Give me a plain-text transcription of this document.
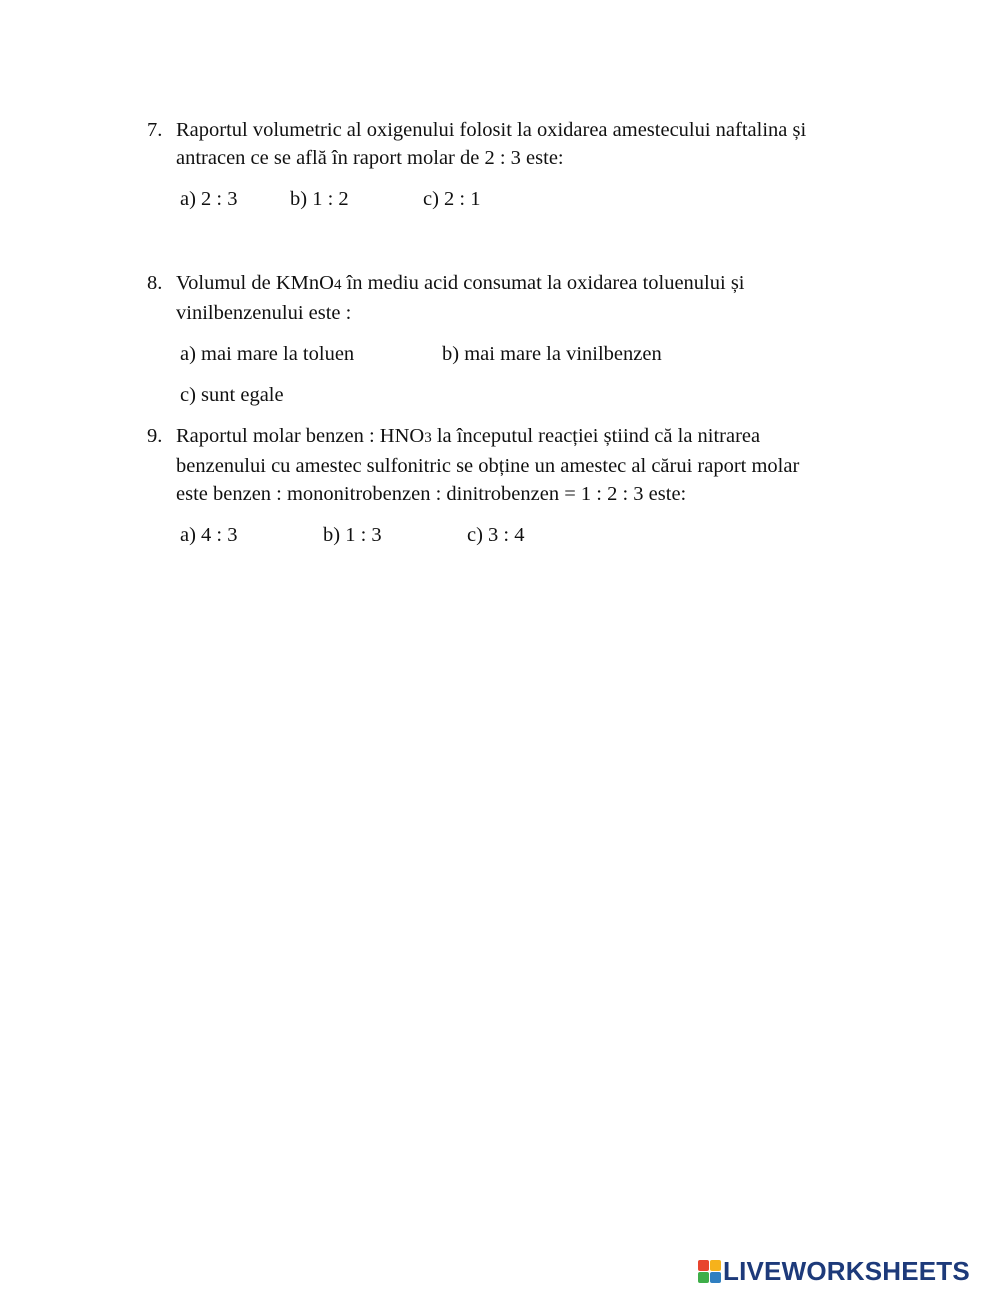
7. Raportul volumetric al oxigenului folosit la oxidarea amestecului naftalina și
antracen ce se află în raport molar de 2 : 3 este:
a) 2 : 3	b) 1 : 2	c) 2 : 1
8. Volumul de KMnO4 în mediu acid consumat la oxidarea toluenului și
vinilbenzenului este :
a) mai mare la toluen	b) mai mare la vinilbenzen
c) sunt egale
9. Raportul molar benzen : HNO3 la începutul reacției știind că la nitrarea
benzenului cu amestec sulfonitric se obține un amestec al cărui raport molar
este benzen : mononitrobenzen : dinitrobenzen = 1 : 2 : 3 este:
a) 4 : 3	b) 1 : 3	c) 3 : 4
LIVEWORKSHEETS
